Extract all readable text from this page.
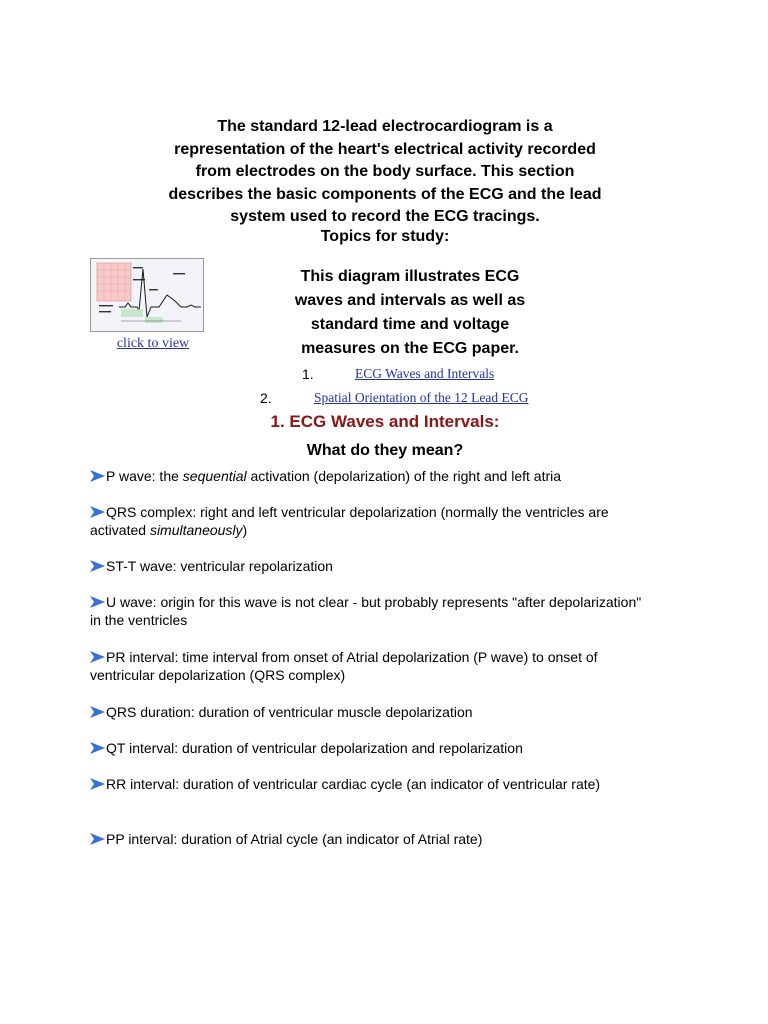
The standard 12-lead electrocardiogram is a representation of the heart's electrical activity recorded from electrodes on the body surface. This section describes the basic components of the ECG and the lead system used to record the ECG tracings.

Topics for study:

click to view

This diagram illustrates ECG waves and intervals as well as standard time and voltage measures on the ECG paper.

1.	ECG Waves and Intervals
2.	Spatial Orientation of the 12 Lead ECG

1. ECG Waves and Intervals:

What do they mean?

P wave: the sequential activation (depolarization) of the right and left atria

QRS complex: right and left ventricular depolarization (normally the ventricles are activated simultaneously)

ST-T wave: ventricular repolarization

U wave: origin for this wave is not clear - but probably represents "after depolarization" in the ventricles

PR interval: time interval from onset of Atrial depolarization (P wave) to onset of ventricular depolarization (QRS complex)

QRS duration: duration of ventricular muscle depolarization

QT interval: duration of ventricular depolarization and repolarization

RR interval: duration of ventricular cardiac cycle (an indicator of ventricular rate)

PP interval: duration of Atrial cycle (an indicator of Atrial rate)
